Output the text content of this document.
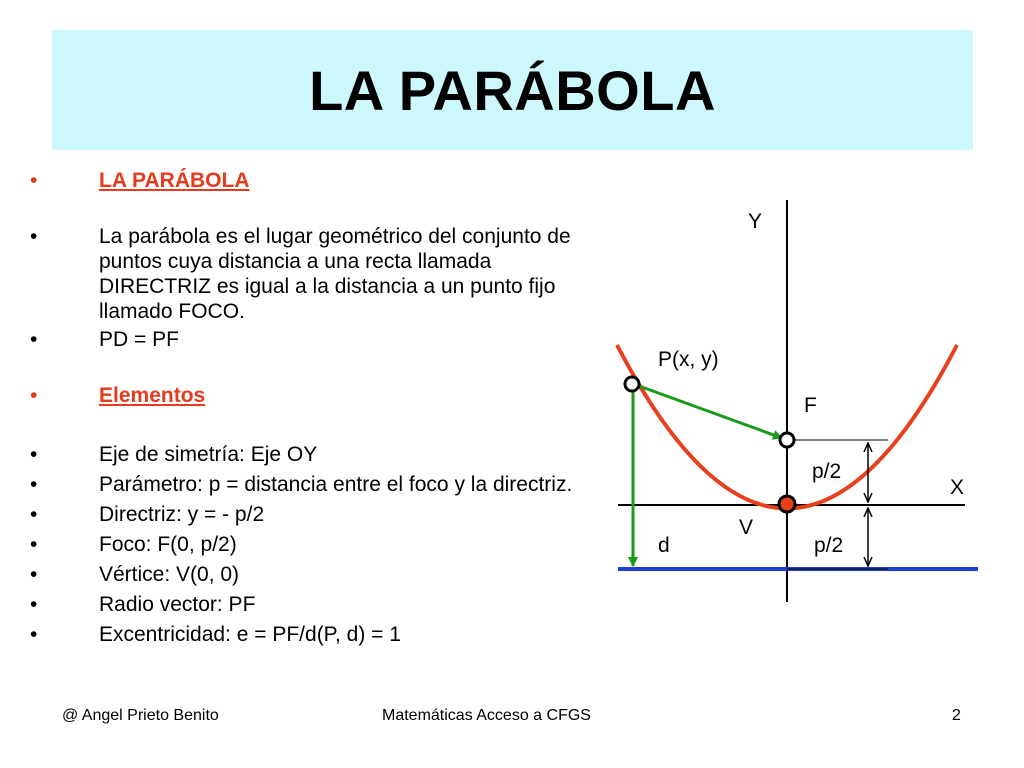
LA PARÁBOLA
•	LA PARÁBOLA
•	La parábola es el lugar geométrico del conjunto de puntos cuya distancia a una recta llamada DIRECTRIZ es igual a la distancia a un punto fijo llamado FOCO.
•	PD = PF
•	Elementos
•	Eje de simetría: Eje OY
•	Parámetro: p = distancia entre el foco y la directriz.
•	Directriz: y = - p/2
•	Foco: F(0, p/2)
•	Vértice: V(0, 0)
•	Radio vector: PF
•	Excentricidad: e = PF/d(P, d) = 1
Y
X
P(x, y)
F
V
d
p/2
p/2
@ Angel Prieto Benito	Matemáticas Acceso a CFGS	2
